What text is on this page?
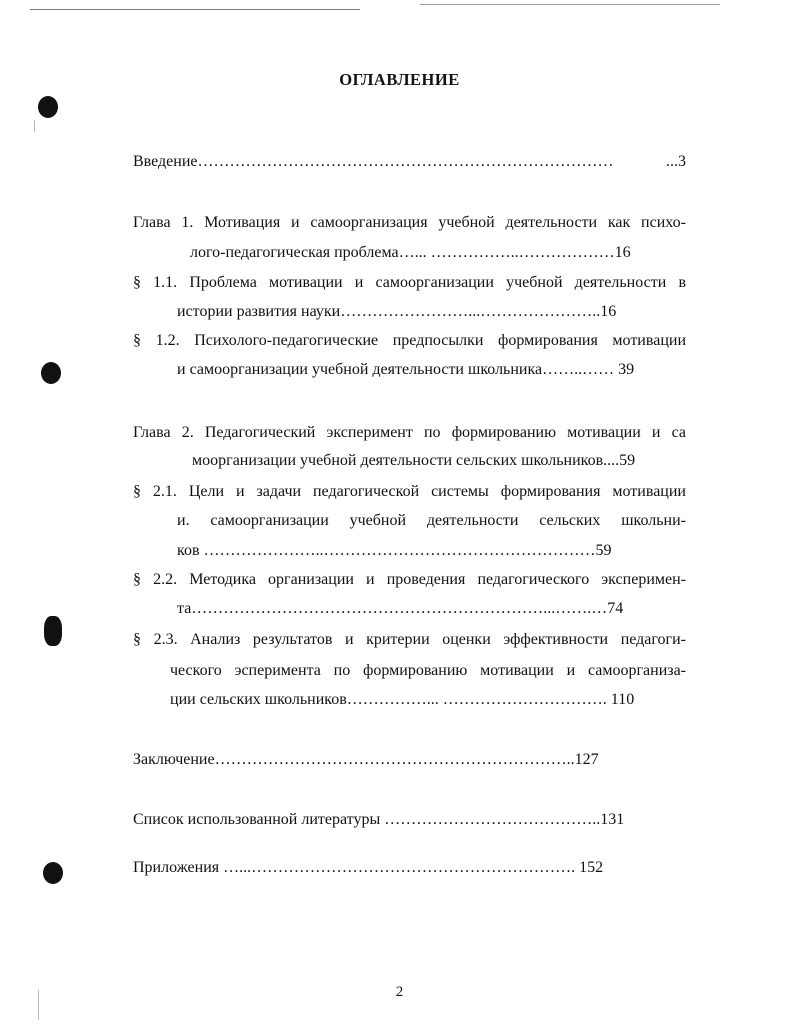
ОГЛАВЛЕНИЕ
Введение ……………………………………………………………………	...3
Глава 1. Мотивация и самоорганизация учебной деятельности как психо-
лого-педагогическая проблема…... ……………..………………16
§ 1.1. Проблема мотивации и самоорганизации учебной деятельности в
истории развития науки……………………...…………………..16
§ 1.2. Психолого-педагогические предпосылки формирования мотивации
и самоорганизации учебной деятельности школьника……..…… 39
Глава 2. Педагогический эксперимент по формированию мотивации и са
моорганизации учебной деятельности сельских школьников....59
§ 2.1. Цели и задачи педагогической системы формирования мотивации
и. самоорганизации учебной деятельности сельских школьни-
ков …………………..……………………………………………59
§ 2.2. Методика организации и проведения педагогического эксперимен-
та…………………………………………………………...…….…74
§ 2.3. Анализ результатов и критерии оценки эффективности педагоги-
ческого эсперимента по формированию мотивации и самоорганиза-
ции сельских школьников……………... …………………………. 110
Заключение…………………………………………………………..127
Список использованной литературы …………………………………..131
Приложения …...……………………………………………………. 152
2
